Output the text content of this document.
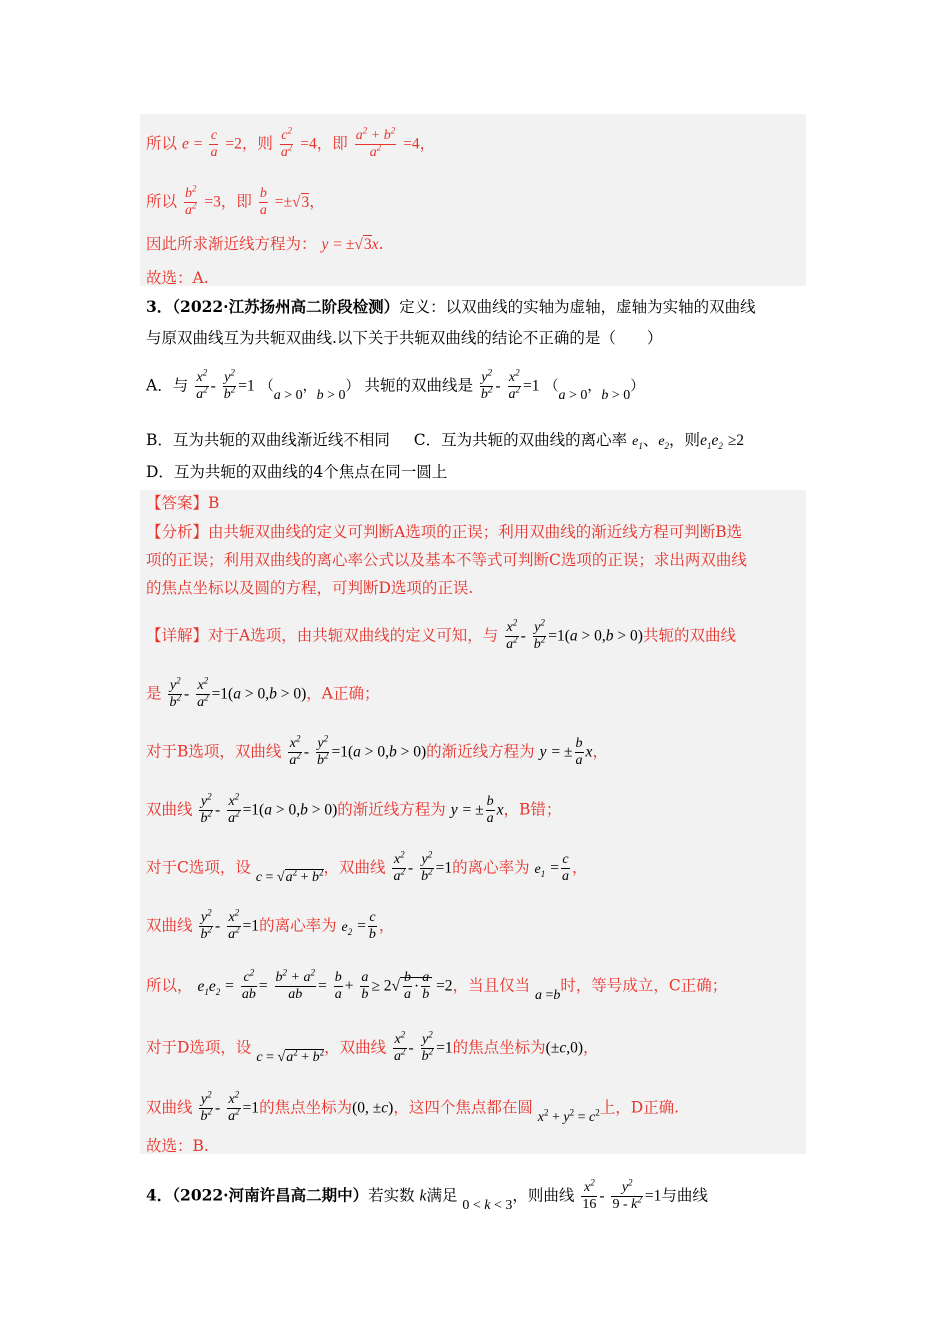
所以 $e = \frac{c}{a} =2$，则 $\frac{c^2}{a^2} =4$，即 $\frac{a^2 + b^2}{a^2} =4$，
所以 $\frac{b^2}{a^2} =3$，即 $\frac{b}{a} =\pm√3$，
因此所求渐近线方程为： y = ±√3x.
故选：A.
3．（2022·江苏扬州高二阶段检测）定义：以双曲线的实轴为虚轴，虚轴为实轴的双曲线
与原双曲线互为共轭双曲线.以下关于共轭双曲线的结论不正确的是（　　）
A．与 $\frac{x^2}{a^2} - \frac{y^2}{b^2} =1$ （a > 0，b > 0） 共轭的双曲线是 $\frac{y^2}{b^2} - \frac{x^2}{a^2} =1$ （a > 0，b > 0）
B．互为共轭的双曲线渐近线不相同 C．互为共轭的双曲线的离心率 $e_1$、$e_2$，则$e_1e_2 \ge 2$
D．互为共轭的双曲线的4个焦点在同一圆上
【答案】B
【分析】由共轭双曲线的定义可判断A选项的正误；利用双曲线的渐近线方程可判断B选
项的正误；利用双曲线的离心率公式以及基本不等式可判断C选项的正误；求出两双曲线
的焦点坐标以及圆的方程，可判断D选项的正误.
【详解】对于A选项，由共轭双曲线的定义可知，与 $\frac{x^2}{a^2} - \frac{y^2}{b^2} =1(a > 0,b > 0)$共轭的双曲线
是 $\frac{y^2}{b^2} - \frac{x^2}{a^2} =1(a > 0,b > 0)$，A正确；
对于B选项，双曲线 $\frac{x^2}{a^2} - \frac{y^2}{b^2} =1(a > 0,b > 0)$的渐近线方程为 y = ± $\frac{b}{a}$ x，
双曲线 $\frac{y^2}{b^2} - \frac{x^2}{a^2} =1(a > 0,b > 0)$的渐近线方程为 y = ± $\frac{b}{a}$ x，B错；
对于C选项，设 $c = √a^2 + b^2$，双曲线 $\frac{x^2}{a^2} - \frac{y^2}{b^2} =1$的离心率为 $e_1 = \frac{c}{a}$ ，
双曲线 $\frac{y^2}{b^2} - \frac{x^2}{a^2} =1$的离心率为 $e_2 = \frac{c}{b}$ ，
所以， $e_1e_2 = \frac{c^2}{ab} = \frac{b^2 + a^2}{ab} = \frac{b}{a} + \frac{a}{b} \ge 2√ \frac{b}{a} \cdot \frac{a}{b} =2$，当且仅当 a =b时，等号成立，C正确；
对于D选项，设 $c = √a^2 + b^2$，双曲线 $\frac{x^2}{a^2} - \frac{y^2}{b^2} =1$的焦点坐标为(±c,0)，
双曲线 $\frac{y^2}{b^2} - \frac{x^2}{a^2} =1$的焦点坐标为(0, ±c)，这四个焦点都在圆 $x^2 + y^2 = c^2$上，D正确.
故选：B.
4．（2022·河南许昌高二期中）若实数 k满足 0 < k < 3，则曲线 $\frac{x^2}{16} - \frac{y^2}{9 - k^2} =1$与曲线
